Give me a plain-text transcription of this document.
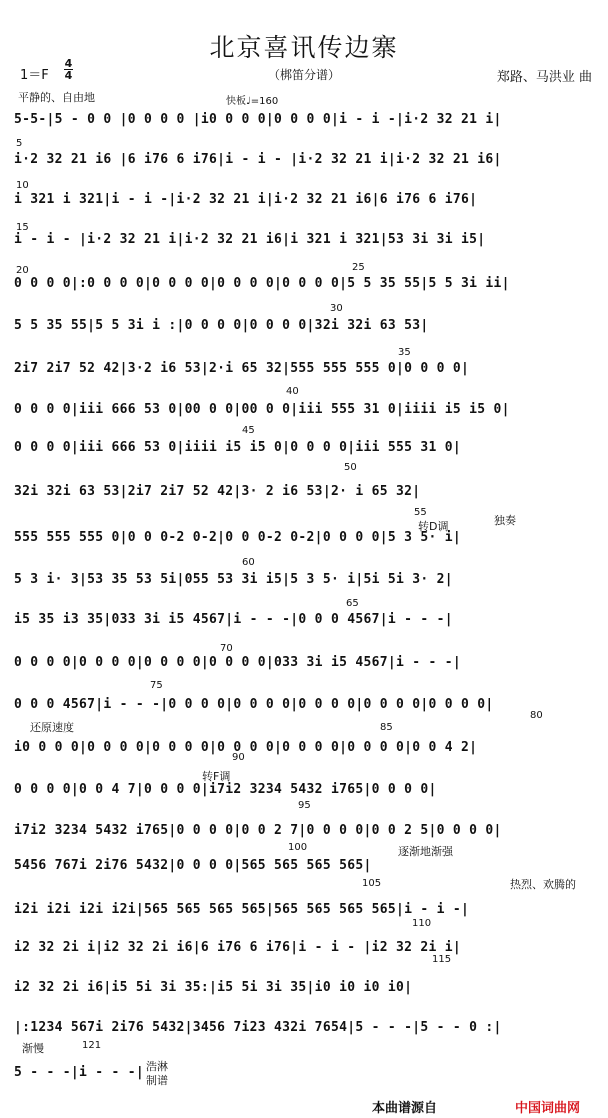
北京喜讯传边寨
1＝F
4
4	（梆笛分谱）	郑路、马洪业 曲
平静的、自由地	快板♩=160
5-5-|5 - 0 0 |0 0 0 0 |i0 0 0 0|0 0 0 0|i - i -|i·2 32 21 i|
i·2 32 21 i6 |6 i76 6 i76|i - i - |i·2 32 21 i|i·2 32 21 i6|
i 321 i 321|i - i -|i·2 32 21 i|i·2 32 21 i6|6 i76 6 i76|
i - i - |i·2 32 21 i|i·2 32 21 i6|i 321 i 321|53 3i 3i i5|
0 0 0 0|:0 0 0 0|0 0 0 0|0 0 0 0|0 0 0 0|5 5 35 55|5 5 3i ii|
5 5 35 55|5 5 3i i :|0 0 0 0|0 0 0 0|32i 32i 63 53|
2i7 2i7 52 42|3·2 i6 53|2·i 65 32|555 555 555 0|0 0 0 0|
0 0 0 0|iii 666 53 0|00 0 0|00 0 0|iii 555 31 0|iiii i5 i5 0|
0 0 0 0|iii 666 53 0|iiii i5 i5 0|0 0 0 0|iii 555 31 0|
32i 32i 63 53|2i7 2i7 52 42|3· 2 i6 53|2· i 65 32|
555 555 555 0|0 0 0-2 0-2|0 0 0-2 0-2|0 0 0 0|5 3 5· i|
5 3 i· 3|53 35 53 5i|055 53 3i i5|5 3 5· i|5i 5i 3· 2|
i5 35 i3 35|033 3i i5 4567|i - - -|0 0 0 4567|i - - -|
0 0 0 0|0 0 0 0|0 0 0 0|0 0 0 0|033 3i i5 4567|i - - -|
0 0 0 4567|i - - -|0 0 0 0|0 0 0 0|0 0 0 0|0 0 0 0|0 0 0 0|
i0 0 0 0|0 0 0 0|0 0 0 0|0 0 0 0|0 0 0 0|0 0 0 0|0 0 4 2|
0 0 0 0|0 0 4 7|0 0 0 0|i7i2 3234 5432 i765|0 0 0 0|
i7i2 3234 5432 i765|0 0 0 0|0 0 2 7|0 0 0 0|0 0 2 5|0 0 0 0|
5456 767i 2i76 5432|0 0 0 0|565 565 565 565|
i2i i2i i2i i2i|565 565 565 565|565 565 565 565|i - i -|
i2 32 2i i|i2 32 2i i6|6 i76 6 i76|i - i - |i2 32 2i i|
i2 32 2i i6|i5 5i 3i 35:|i5 5i 3i 35|i0 i0 i0 i0|
|:1234 567i 2i76 5432|3456 7i23 432i 7654|5 - - -|5 - - 0 :|
5 - - -|i - - -|
5
10
15
20	25
30
35
40
45
50
55
60
65
70
75
80
85
90
95
100
105
110
115
转D调	独奏
还原速度
转F调
逐渐地渐强
热烈、欢腾的
渐慢	121
浩淋
制谱
本曲谱源自	中国词曲网
